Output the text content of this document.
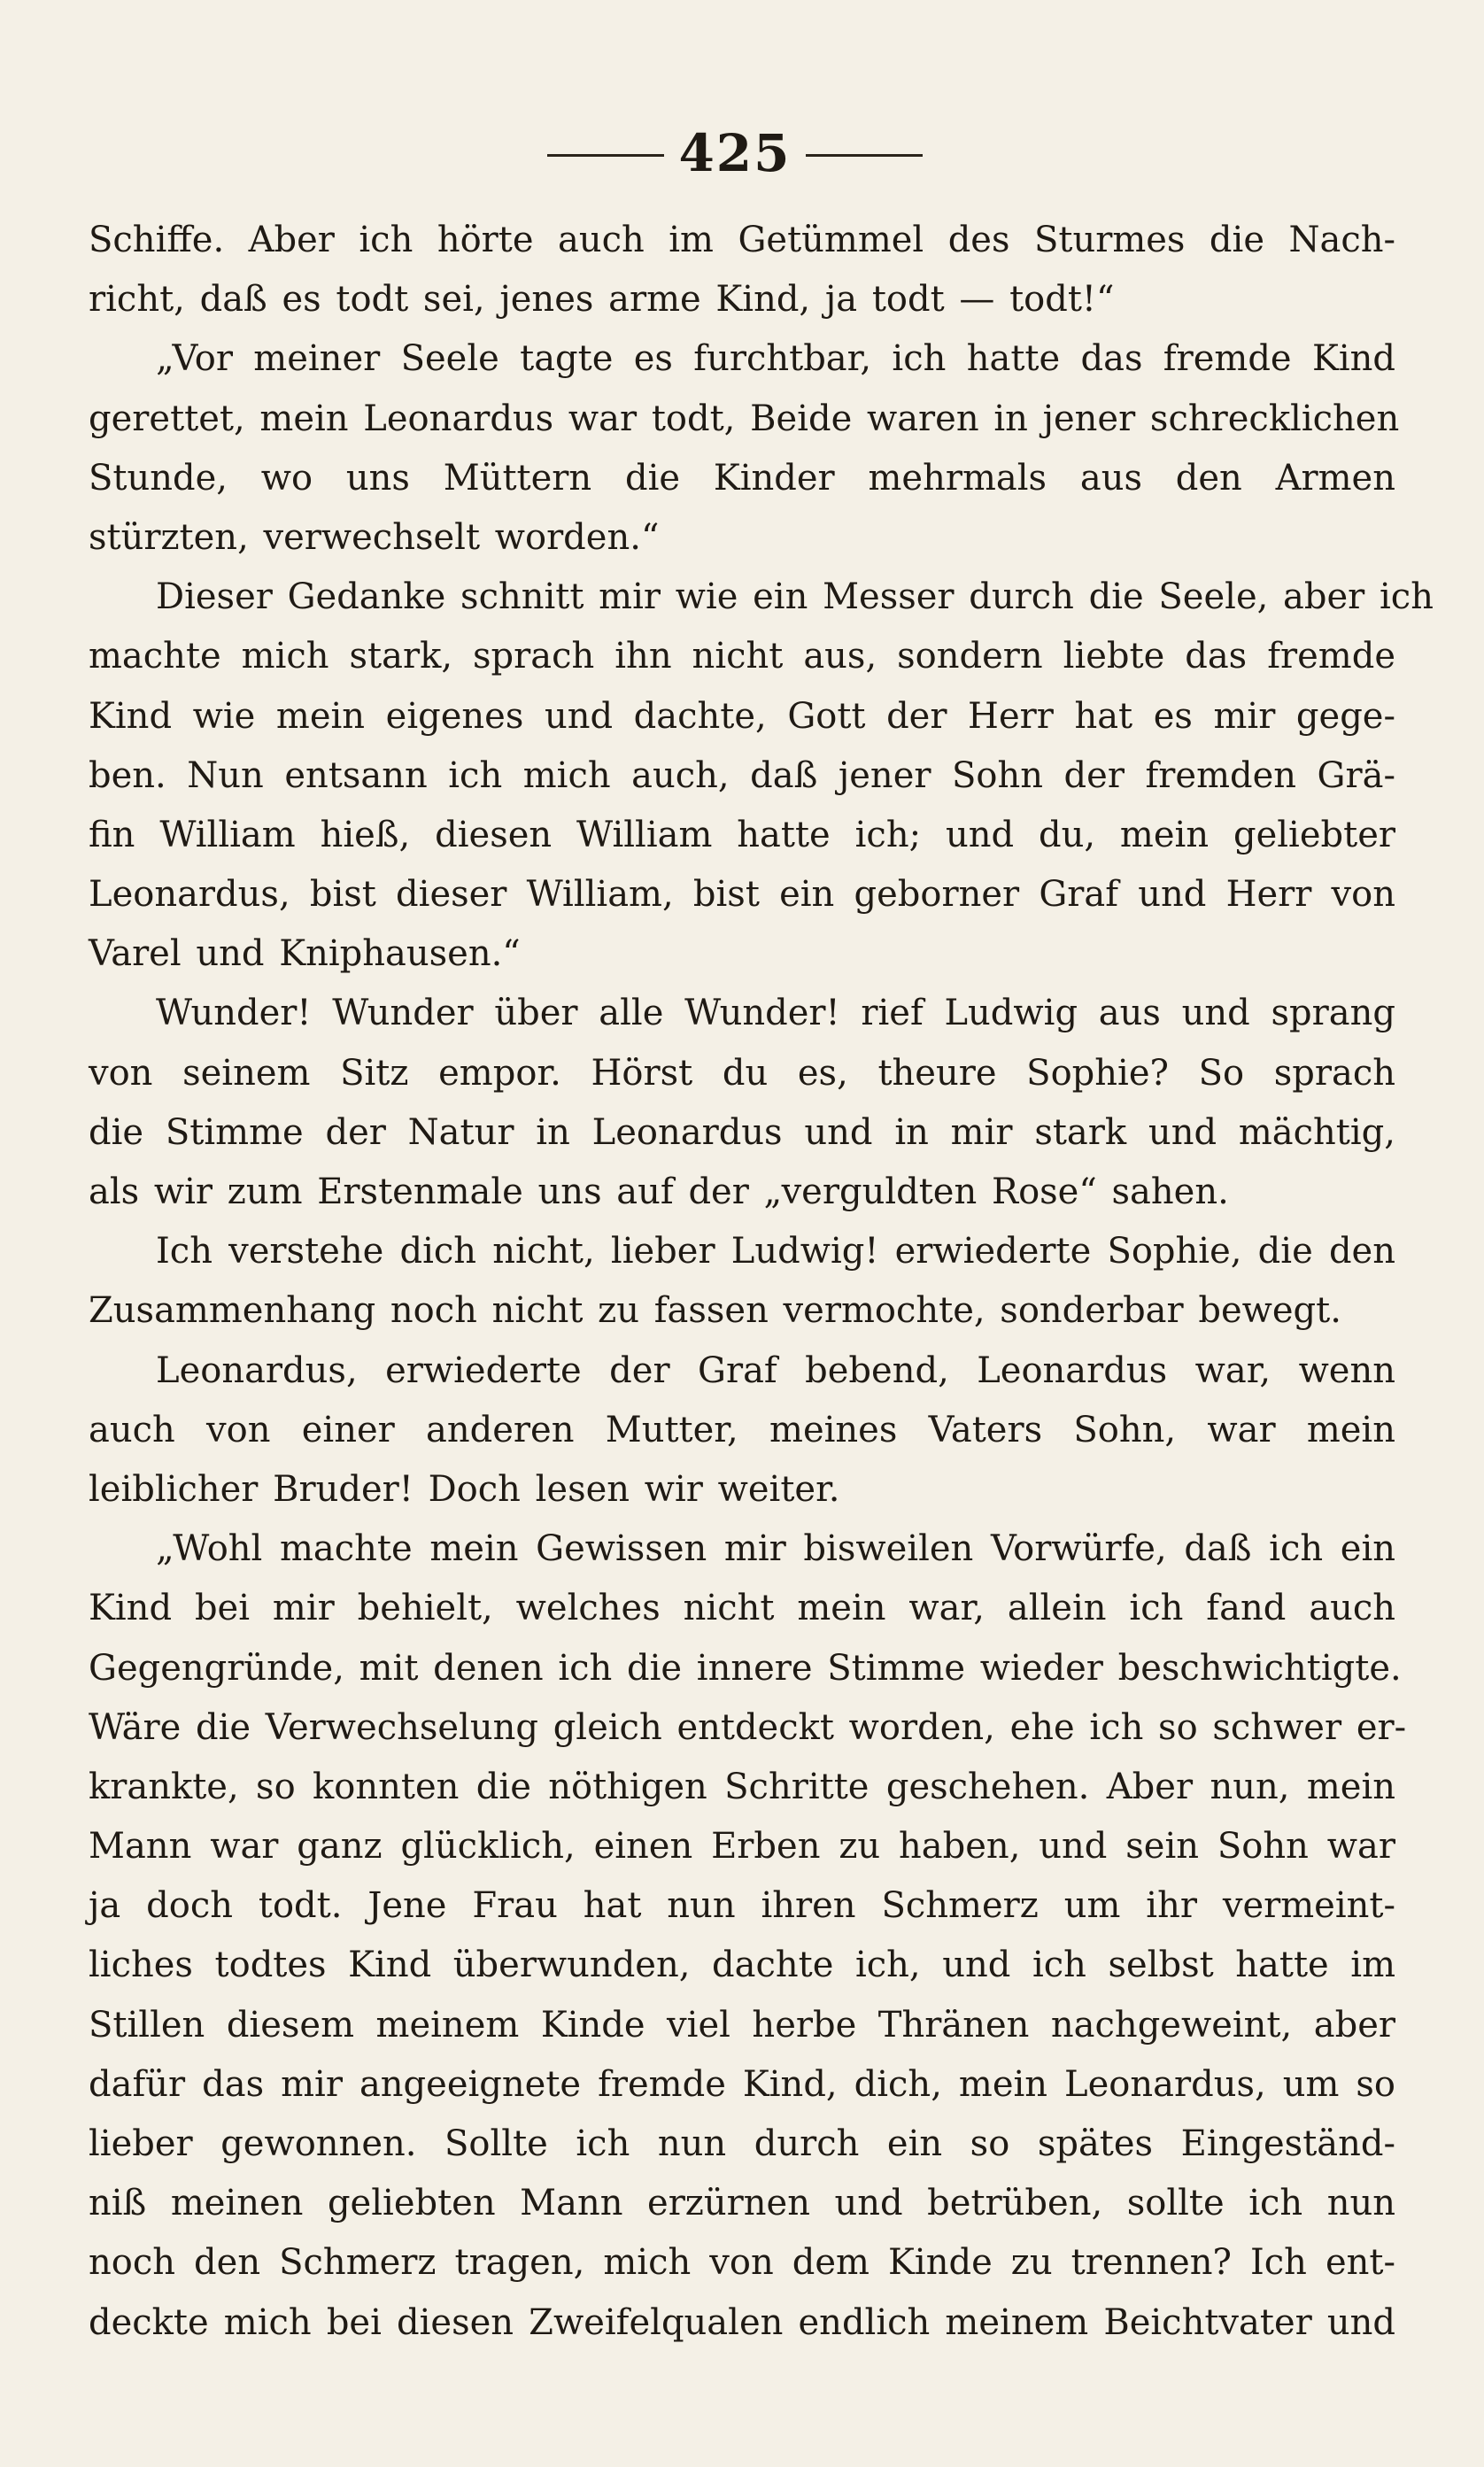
425
Schiffe. Aber ich hörte auch im Getümmel des Sturmes die Nach-
richt, daß es todt sei, jenes arme Kind, ja todt — todt!“
„Vor meiner Seele tagte es furchtbar, ich hatte das fremde Kind
gerettet, mein Leonardus war todt, Beide waren in jener schrecklichen
Stunde, wo uns Müttern die Kinder mehrmals aus den Armen
stürzten, verwechselt worden.“
Dieser Gedanke schnitt mir wie ein Messer durch die Seele, aber ich
machte mich stark, sprach ihn nicht aus, sondern liebte das fremde
Kind wie mein eigenes und dachte, Gott der Herr hat es mir gege-
ben. Nun entsann ich mich auch, daß jener Sohn der fremden Grä-
fin William hieß, diesen William hatte ich; und du, mein geliebter
Leonardus, bist dieser William, bist ein geborner Graf und Herr von
Varel und Kniphausen.“
Wunder! Wunder über alle Wunder! rief Ludwig aus und sprang
von seinem Sitz empor. Hörst du es, theure Sophie? So sprach
die Stimme der Natur in Leonardus und in mir stark und mächtig,
als wir zum Erstenmale uns auf der „verguldten Rose“ sahen.
Ich verstehe dich nicht, lieber Ludwig! erwiederte Sophie, die den
Zusammenhang noch nicht zu fassen vermochte, sonderbar bewegt.
Leonardus, erwiederte der Graf bebend, Leonardus war, wenn
auch von einer anderen Mutter, meines Vaters Sohn, war mein
leiblicher Bruder! Doch lesen wir weiter.
„Wohl machte mein Gewissen mir bisweilen Vorwürfe, daß ich ein
Kind bei mir behielt, welches nicht mein war, allein ich fand auch
Gegengründe, mit denen ich die innere Stimme wieder beschwichtigte.
Wäre die Verwechselung gleich entdeckt worden, ehe ich so schwer er-
krankte, so konnten die nöthigen Schritte geschehen. Aber nun, mein
Mann war ganz glücklich, einen Erben zu haben, und sein Sohn war
ja doch todt. Jene Frau hat nun ihren Schmerz um ihr vermeint-
liches todtes Kind überwunden, dachte ich, und ich selbst hatte im
Stillen diesem meinem Kinde viel herbe Thränen nachgeweint, aber
dafür das mir angeeignete fremde Kind, dich, mein Leonardus, um so
lieber gewonnen. Sollte ich nun durch ein so spätes Eingeständ-
niß meinen geliebten Mann erzürnen und betrüben, sollte ich nun
noch den Schmerz tragen, mich von dem Kinde zu trennen? Ich ent-
deckte mich bei diesen Zweifelqualen endlich meinem Beichtvater und
